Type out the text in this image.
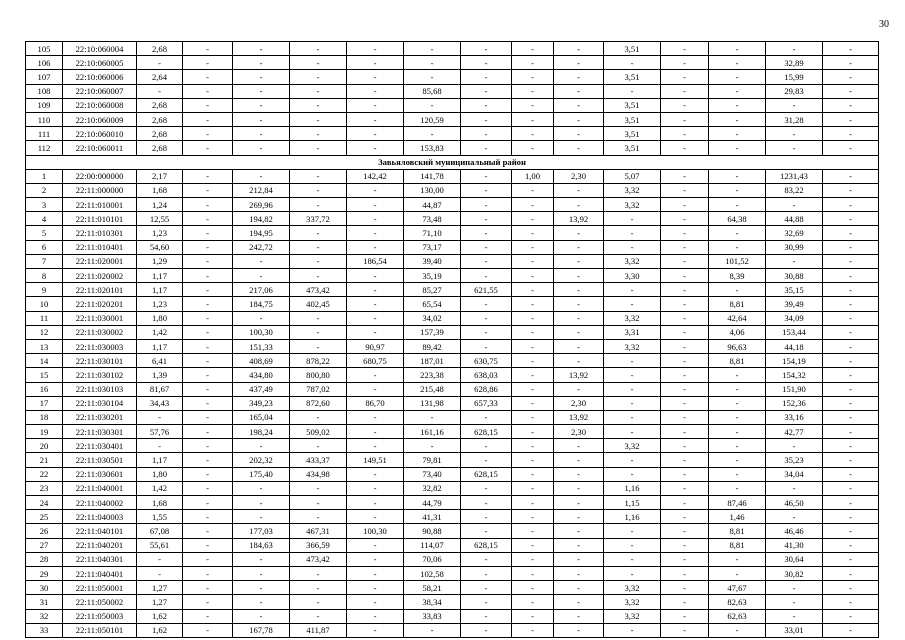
30
105	22:10:060004	2,68	-	-	-	-	-	-	-	-	3,51	-	-	-	-
106	22:10:060005	-	-	-	-	-	-	-	-	-	-	-	-	32,89	-
107	22:10:060006	2,64	-	-	-	-	-	-	-	-	3,51	-	-	15,99	-
108	22:10:060007	-	-	-	-	-	85,68	-	-	-	-	-	-	29,83	-
109	22:10:060008	2,68	-	-	-	-	-	-	-	-	3,51	-	-	-	-
110	22:10:060009	2,68	-	-	-	-	120,59	-	-	-	3,51	-	-	31,28	-
111	22:10:060010	2,68	-	-	-	-	-	-	-	-	3,51	-	-	-	-
112	22:10:060011	2,68	-	-	-	-	153,83	-	-	-	3,51	-	-	-	-
Завьяловский муниципальный район															
1	22:00:000000	2,17	-	-	-	142,42	141,78	-	1,00	2,30	5,07	-	-	1231,43	-
2	22:11:000000	1,68	-	212,84	-	-	130,00	-	-	-	3,32	-	-	83,22	-
3	22:11:010001	1,24	-	269,96	-	-	44,87	-	-	-	3,32	-	-	-	-
4	22:11:010101	12,55	-	194,82	337,72	-	73,48	-	-	13,92	-	-	64,38	44,88	-
5	22:11:010301	1,23	-	194,95	-	-	71,10	-	-	-	-	-	-	32,69	-
6	22:11:010401	54,60	-	242,72	-	-	73,17	-	-	-	-	-	-	30,99	-
7	22:11:020001	1,29	-	-	-	186,54	39,40	-	-	-	3,32	-	101,52	-	-
8	22:11:020002	1,17	-	-	-	-	35,19	-	-	-	3,30	-	8,39	30,88	-
9	22:11:020101	1,17	-	217,06	473,42	-	85,27	621,55	-	-	-	-	-	35,15	-
10	22:11:020201	1,23	-	184,75	402,45	-	65,54	-	-	-	-	-	8,81	39,49	-
11	22:11:030001	1,80	-	-	-	-	34,02	-	-	-	3,32	-	42,64	34,09	-
12	22:11:030002	1,42	-	100,30	-	-	157,39	-	-	-	3,31	-	4,06	153,44	-
13	22:11:030003	1,17	-	151,33	-	90,97	89,42	-	-	-	3,32	-	96,63	44,18	-
14	22:11:030101	6,41	-	408,69	878,22	680,75	187,01	630,75	-	-	-	-	8,81	154,19	-
15	22:11:030102	1,39	-	434,80	800,80	-	223,38	638,03	-	13,92	-	-	-	154,32	-
16	22:11:030103	81,67	-	437,49	787,02	-	215,48	628,86	-	-	-	-	-	151,90	-
17	22:11:030104	34,43	-	349,23	872,60	86,70	131,98	657,33	-	2,30	-	-	-	152,36	-
18	22:11:030201	-	-	165,04	-	-	-	-	-	13,92	-	-	-	33,16	-
19	22:11:030301	57,76	-	198,24	509,02	-	161,16	628,15	-	2,30	-	-	-	42,77	-
20	22:11:030401	-	-	-	-	-	-	-	-	-	3,32	-	-	-	-
21	22:11:030501	1,17	-	202,32	433,37	149,51	79,81	-	-	-	-	-	-	35,23	-
22	22:11:030601	1,80	-	175,40	434,98	-	73,40	628,15	-	-	-	-	-	34,04	-
23	22:11:040001	1,42	-	-	-	-	32,82	-	-	-	1,16	-	-	-	-
24	22:11:040002	1,68	-	-	-	-	44,79	-	-	-	1,15	-	87,46	46,50	-
25	22:11:040003	1,55	-	-	-	-	41,31	-	-	-	1,16	-	1,46	-	-
26	22:11:040101	67,08	-	177,03	467,31	100,30	90,88	-	-	-	-	-	8,81	46,46	-
27	22:11:040201	55,61	-	184,63	366,59	-	114,07	628,15	-	-	-	-	8,81	41,30	-
28	22:11:040301	-	-	-	473,42	-	70,06	-	-	-	-	-	-	30,64	-
29	22:11:040401	-	-	-	-	-	102,58	-	-	-	-	-	-	30,82	-
30	22:11:050001	1,27	-	-	-	-	58,21	-	-	-	3,32	-	47,67	-	-
31	22:11:050002	1,27	-	-	-	-	38,34	-	-	-	3,32	-	82,63	-	-
32	22:11:050003	1,62	-	-	-	-	33,83	-	-	-	3,32	-	62,63	-	-
33	22:11:050101	1,62	-	167,78	411,87	-	-	-	-	-	-	-	-	33,01	-
